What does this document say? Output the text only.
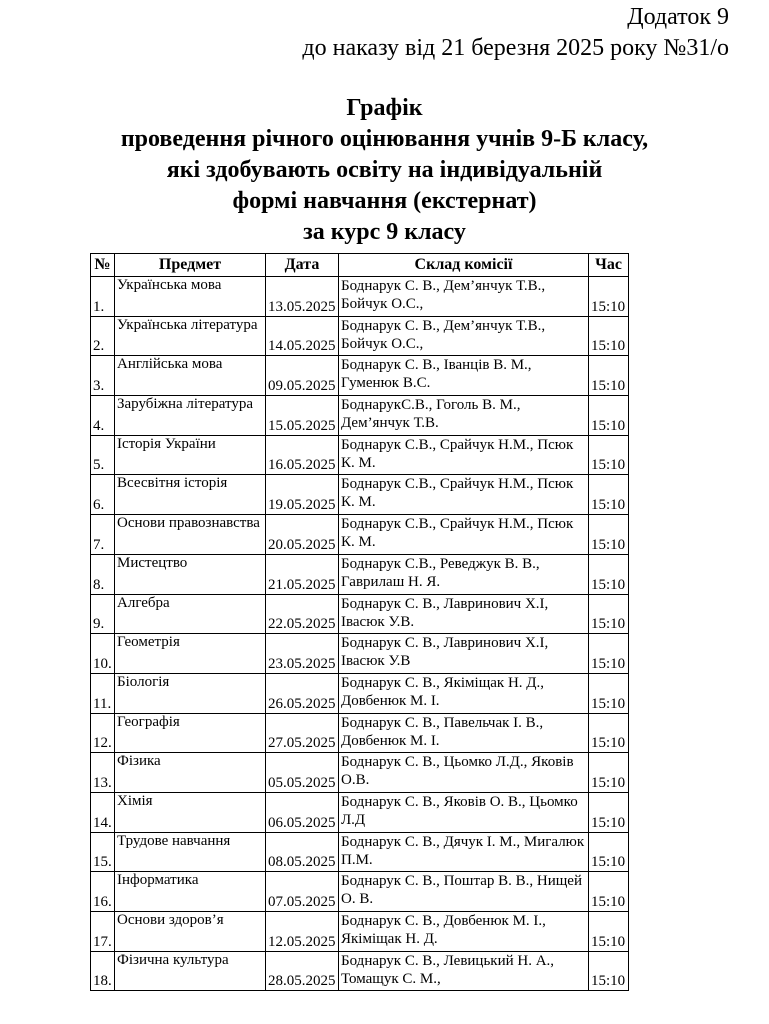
Додаток 9
до наказу від 21 березня 2025 року №31/о
Графік
проведення річного оцінювання учнів 9-Б класу,
які здобувають освіту на індивідуальній
формі навчання (екстернат)
за курс 9 класу
№	Предмет	Дата	Склад комісії	Час
1.	Українська мова	13.05.2025	Боднарук С. В., Дем’янчук Т.В., Бойчук О.С.,	15:10
2.	Українська література	14.05.2025	Боднарук С. В., Дем’янчук Т.В., Бойчук О.С.,	15:10
3.	Англійська мова	09.05.2025	Боднарук С. В., Іванців В. М., Гуменюк В.С.	15:10
4.	Зарубіжна література	15.05.2025	БоднарукС.В., Гоголь В. М., Дем’янчук Т.В.	15:10
5.	Історія України	16.05.2025	Боднарук С.В., Срайчук Н.М., Псюк К. М.	15:10
6.	Всесвітня історія	19.05.2025	Боднарук С.В., Срайчук Н.М., Псюк К. М.	15:10
7.	Основи правознавства	20.05.2025	Боднарук С.В., Срайчук Н.М., Псюк К. М.	15:10
8.	Мистецтво	21.05.2025	Боднарук С.В., Реведжук В. В., Гаврилаш Н. Я.	15:10
9.	Алгебра	22.05.2025	Боднарук С. В., Лавринович Х.І, Івасюк У.В.	15:10
10.	Геометрія	23.05.2025	Боднарук С. В., Лавринович Х.І, Івасюк У.В	15:10
11.	Біологія	26.05.2025	Боднарук С. В., Якіміщак Н. Д., Довбенюк М. І.	15:10
12.	Географія	27.05.2025	Боднарук С. В., Павельчак І. В., Довбенюк М. І.	15:10
13.	Фізика	05.05.2025	Боднарук С. В., Цьомко Л.Д., Яковів О.В.	15:10
14.	Хімія	06.05.2025	Боднарук С. В., Яковів О. В., Цьомко Л.Д	15:10
15.	Трудове навчання	08.05.2025	Боднарук С. В., Дячук І. М., Мигалюк П.М.	15:10
16.	Інформатика	07.05.2025	Боднарук С. В., Поштар В. В., Нищей О. В.	15:10
17.	Основи здоров’я	12.05.2025	Боднарук С. В., Довбенюк М. І., Якіміщак Н. Д.	15:10
18.	Фізична культура	28.05.2025	Боднарук С. В., Левицький Н. А., Томащук С. М.,	15:10
